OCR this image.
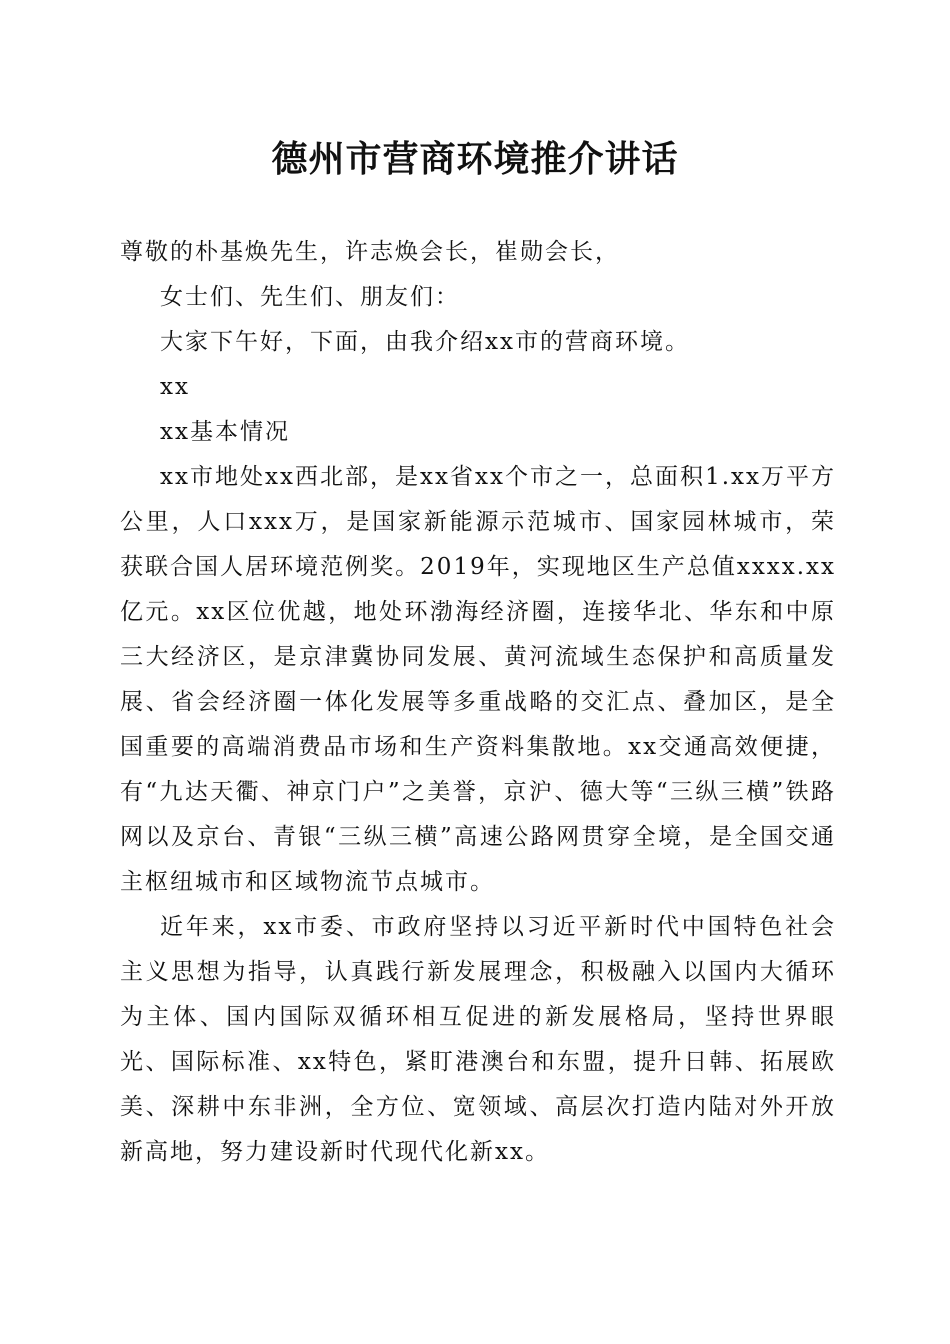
德州市营商环境推介讲话

尊敬的朴基焕先生，许志焕会长，崔勋会长，

女士们、先生们、朋友们：

大家下午好，下面，由我介绍xx市的营商环境。

xx

xx基本情况

xx市地处xx西北部，是xx省xx个市之一，总面积1.xx万平方公里，人口xxx万，是国家新能源示范城市、国家园林城市，荣获联合国人居环境范例奖。2019年，实现地区生产总值xxxx.xx亿元。xx区位优越，地处环渤海经济圈，连接华北、华东和中原三大经济区，是京津冀协同发展、黄河流域生态保护和高质量发展、省会经济圈一体化发展等多重战略的交汇点、叠加区，是全国重要的高端消费品市场和生产资料集散地。xx交通高效便捷，有“九达天衢、神京门户”之美誉，京沪、德大等“三纵三横”铁路网以及京台、青银“三纵三横”高速公路网贯穿全境，是全国交通主枢纽城市和区域物流节点城市。

近年来，xx市委、市政府坚持以习近平新时代中国特色社会主义思想为指导，认真践行新发展理念，积极融入以国内大循环为主体、国内国际双循环相互促进的新发展格局，坚持世界眼光、国际标准、xx特色，紧盯港澳台和东盟，提升日韩、拓展欧美、深耕中东非洲，全方位、宽领域、高层次打造内陆对外开放新高地，努力建设新时代现代化新xx。
